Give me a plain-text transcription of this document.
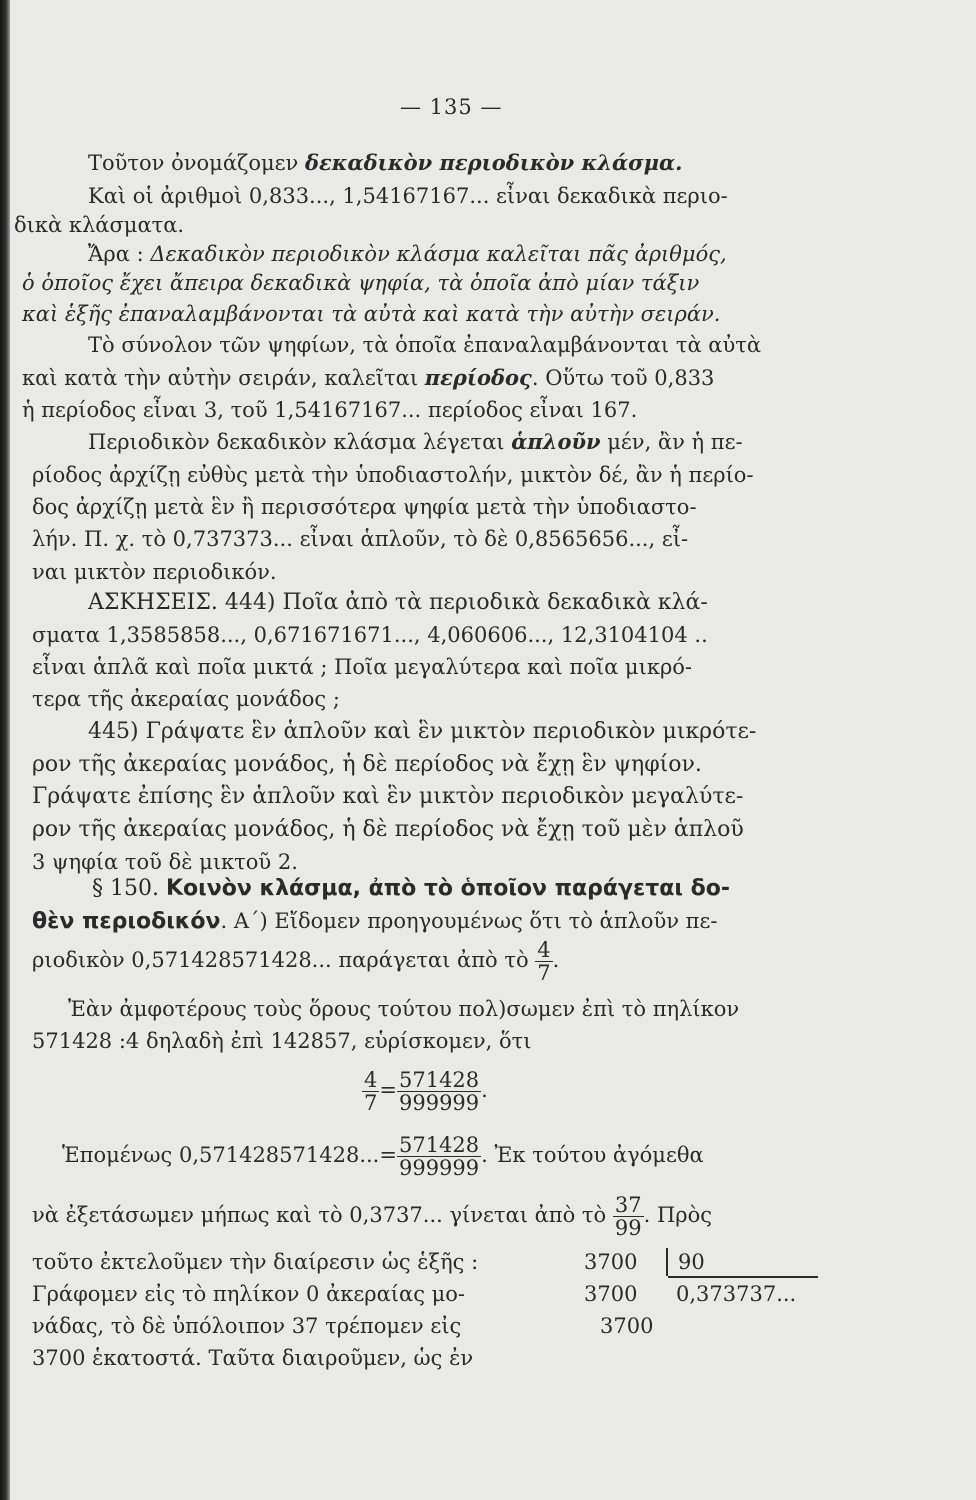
— 135 —

Τοῦτον ὀνομάζομεν δεκαδικὸν περιοδικὸν κλάσμα.

Καὶ οἱ ἀριθμοὶ 0,833..., 1,54167167... εἶναι δεκαδικὰ περιο-

δικὰ κλάσματα.

Ἄρα : Δεκαδικὸν περιοδικὸν κλάσμα καλεῖται πᾶς ἀριθμός,

ὁ ὁποῖος ἔχει ἄπειρα δεκαδικὰ ψηφία, τὰ ὁποῖα ἀπὸ μίαν τάξιν

καὶ ἑξῆς ἐπαναλαμβάνονται τὰ αὐτὰ καὶ κατὰ τὴν αὐτὴν σειράν.

Τὸ σύνολον τῶν ψηφίων, τὰ ὁποῖα ἐπαναλαμβάνονται τὰ αὐτὰ

καὶ κατὰ τὴν αὐτὴν σειράν, καλεῖται περίοδος. Οὕτω τοῦ 0,833

ἡ περίοδος εἶναι 3, τοῦ 1,54167167... περίοδος εἶναι 167.

Περιοδικὸν δεκαδικὸν κλάσμα λέγεται ἁπλοῦν μέν, ἂν ἡ πε-

ρίοδος ἀρχίζῃ εὐθὺς μετὰ τὴν ὑποδιαστολήν, μικτὸν δέ, ἂν ἡ περίο-

δος ἀρχίζῃ μετὰ ἓν ἢ περισσότερα ψηφία μετὰ τὴν ὑποδιαστο-

λήν. Π. χ. τὸ 0,737373... εἶναι ἁπλοῦν, τὸ δὲ 0,8565656..., εἶ-

ναι μικτὸν περιοδικόν.

ΑΣΚΗΣΕΙΣ. 444) Ποῖα ἀπὸ τὰ περιοδικὰ δεκαδικὰ κλά-

σματα 1,3585858..., 0,671671671..., 4,060606..., 12,3104104 ..

εἶναι ἁπλᾶ καὶ ποῖα μικτά ; Ποῖα μεγαλύτερα καὶ ποῖα μικρό-

τερα τῆς ἀκεραίας μονάδος ;

445) Γράψατε ἓν ἁπλοῦν καὶ ἓν μικτὸν περιοδικὸν μικρότε-

ρον τῆς ἀκεραίας μονάδος, ἡ δὲ περίοδος νὰ ἔχῃ ἓν ψηφίον.

Γράψατε ἐπίσης ἓν ἁπλοῦν καὶ ἓν μικτὸν περιοδικὸν μεγαλύτε-

ρον τῆς ἀκεραίας μονάδος, ἡ δὲ περίοδος νὰ ἔχῃ τοῦ μὲν ἁπλοῦ

3 ψηφία τοῦ δὲ μικτοῦ 2.

§ 150. Κοινὸν κλάσμα, ἀπὸ τὸ ὁποῖον παράγεται δο-

θὲν περιοδικόν. Α΄) Εἴδομεν προηγουμένως ὅτι τὸ ἁπλοῦν πε-

ριοδικὸν 0,571428571428... παράγεται ἀπὸ τὸ $\frac{4}{7}$ .

Ἐὰν ἀμφοτέρους τοὺς ὅρους τούτου πολ)σωμεν ἐπὶ τὸ πηλίκον

571428 :4 δηλαδὴ ἐπὶ 142857, εὑρίσκομεν, ὅτι

$\frac{4}{7} = \frac{571428}{999999}$ .
Ἑπομένως $0,571428571428...= \frac{571428}{999999}$ . Ἐκ τούτου ἀγόμεθα
νὰ ἐξετάσωμεν μήπως καὶ τὸ 0,3737... γίνεται ἀπὸ τὸ $\frac{37}{99}$ . Πρὸς

τοῦτο ἐκτελοῦμεν τὴν διαίρεσιν ὡς ἑξῆς :

Γράφομεν εἰς τὸ πηλίκον 0 ἀκεραίας μο-

νάδας, τὸ δὲ ὑπόλοιπον 37 τρέπομεν εἰς

3700 ἑκατοστά. Ταῦτα διαιροῦμεν, ὡς ἐν

3700 90
3700 0,373737...
3700
